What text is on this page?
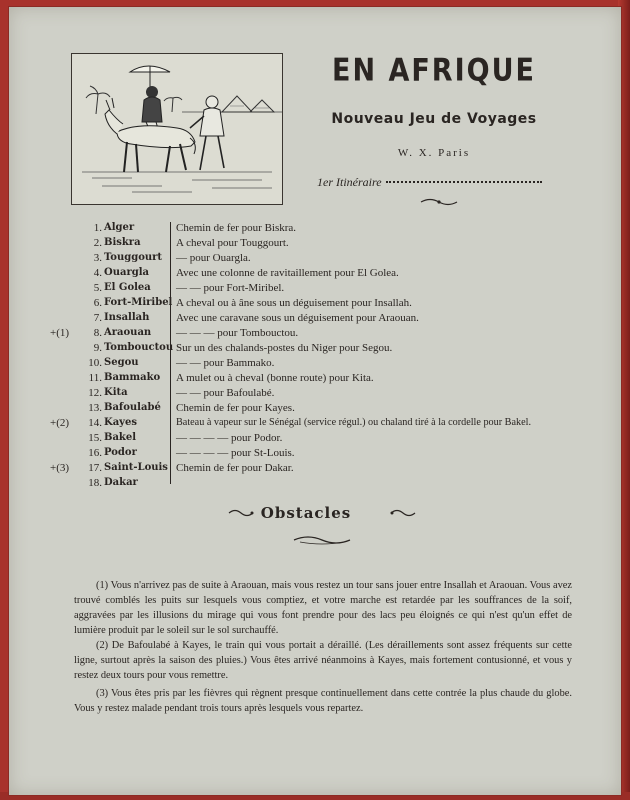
EN AFRIQUE
Nouveau Jeu de Voyages
W. X. Paris
1er Itinéraire
1. Alger	Chemin de fer pour Biskra.
2. Biskra	A cheval pour Touggourt.
3. Touggourt	— pour Ouargla.
4. Ouargla	Avec une colonne de ravitaillement pour El Golea.
5. El Golea	— — pour Fort-Miribel.
6. Fort-Miribel A cheval ou à âne sous un déguisement pour Insallah.
7. Insallah	Avec une caravane sous un déguisement pour Araouan.
+(1)	8. Araouan	— — — pour Tombouctou.
9. Tombouctou Sur un des chalands-postes du Niger pour Segou.
10. Segou	— — pour Bammako.
11. Bammako	A mulet ou à cheval (bonne route) pour Kita.
12. Kita	— — pour Bafoulabé.
13. Bafoulabé	Chemin de fer pour Kayes.
+(2)	14. Kayes	Bateau à vapeur sur le Sénégal (service régul.) ou chaland tiré à la cordelle pour Bakel.
15. Bakel	— — — — pour Podor.
16. Podor	— — — — pour St-Louis.
+(3)	17. Saint-Louis Chemin de fer pour Dakar.
18. Dakar
Obstacles

(1) Vous n'arrivez pas de suite à Araouan, mais vous restez un tour sans jouer entre Insallah et Araouan. Vous avez trouvé comblés les puits sur lesquels vous comptiez, et votre marche est retardée par les souffrances de la soif, aggravées par les illusions du mirage qui vous font prendre pour des lacs peu éloignés ce qui n'est qu'un effet de lumière produit par le soleil sur le sol surchauffé.

(2) De Bafoulabé à Kayes, le train qui vous portait a déraillé. (Les déraillements sont assez fréquents sur cette ligne, surtout après la saison des pluies.) Vous êtes arrivé néanmoins à Kayes, mais fortement contusionné, et vous y restez deux tours pour vous remettre.

(3) Vous êtes pris par les fièvres qui règnent presque continuellement dans cette contrée la plus chaude du globe. Vous y restez malade pendant trois tours après lesquels vous repartez.
